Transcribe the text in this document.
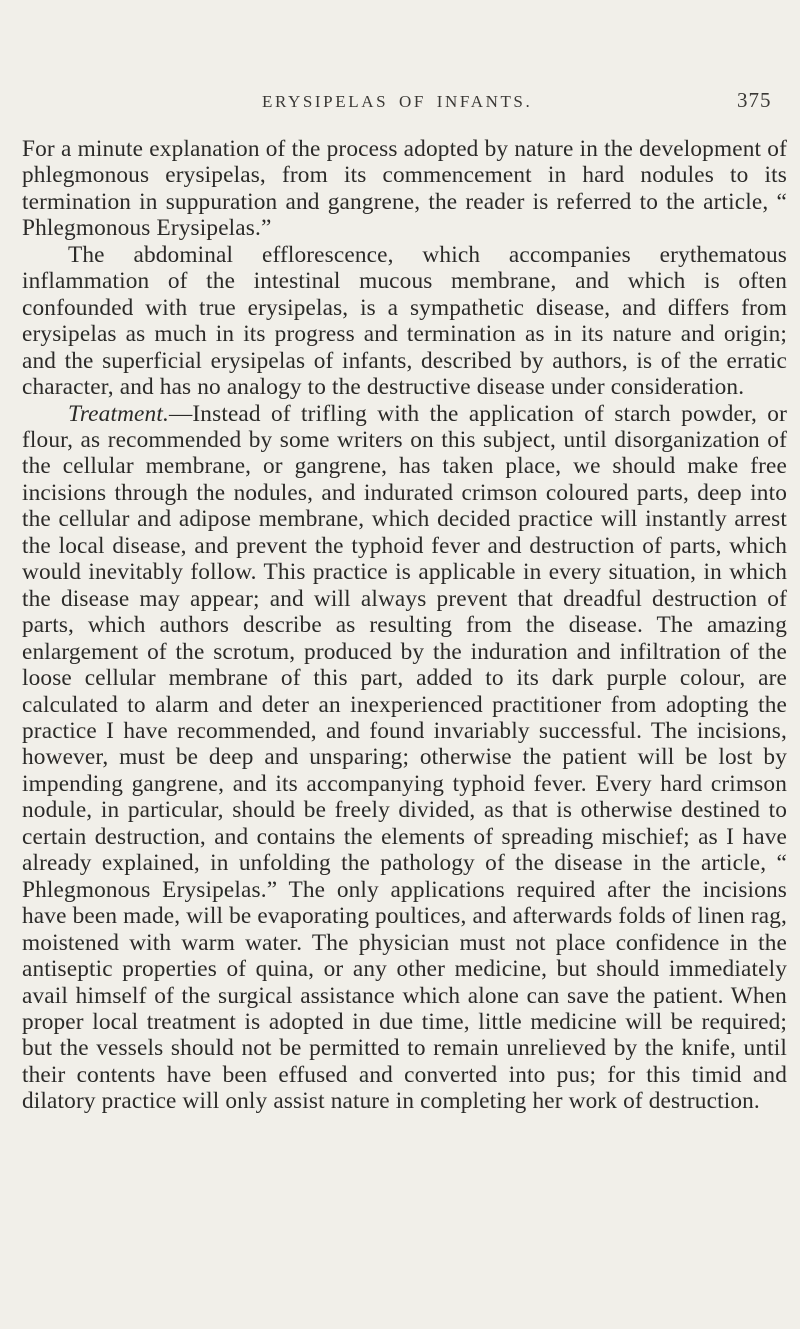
ERYSIPELAS OF INFANTS.	375

For a minute explanation of the process adopted by nature in the development of phlegmonous erysipelas, from its commencement in hard nodules to its termination in suppuration and gangrene, the reader is referred to the article, “ Phlegmonous Erysipelas.”

The abdominal efflorescence, which accompanies erythematous inflammation of the intestinal mucous membrane, and which is often confounded with true erysipelas, is a sympathetic disease, and differs from erysipelas as much in its progress and termination as in its nature and origin; and the superficial erysipelas of infants, described by authors, is of the erratic character, and has no analogy to the destructive disease under consideration.

Treatment.—Instead of trifling with the application of starch powder, or flour, as recommended by some writers on this subject, until disorganization of the cellular membrane, or gangrene, has taken place, we should make free incisions through the nodules, and indurated crimson coloured parts, deep into the cellular and adipose membrane, which decided practice will instantly arrest the local disease, and prevent the typhoid fever and destruction of parts, which would inevitably follow. This practice is applicable in every situation, in which the disease may appear; and will always prevent that dreadful destruction of parts, which authors describe as resulting from the disease. The amazing enlargement of the scrotum, produced by the induration and infiltration of the loose cellular membrane of this part, added to its dark purple colour, are calculated to alarm and deter an inexperienced practitioner from adopting the practice I have recommended, and found invariably successful. The incisions, however, must be deep and unsparing; otherwise the patient will be lost by impending gangrene, and its accompanying typhoid fever. Every hard crimson nodule, in particular, should be freely divided, as that is otherwise destined to certain destruction, and contains the elements of spreading mischief; as I have already explained, in unfolding the pathology of the disease in the article, “ Phlegmonous Erysipelas.” The only applications required after the incisions have been made, will be evaporating poultices, and afterwards folds of linen rag, moistened with warm water. The physician must not place confidence in the antiseptic properties of quina, or any other medicine, but should immediately avail himself of the surgical assistance which alone can save the patient. When proper local treatment is adopted in due time, little medicine will be required; but the vessels should not be permitted to remain unrelieved by the knife, until their contents have been effused and converted into pus; for this timid and dilatory practice will only assist nature in completing her work of destruction.
